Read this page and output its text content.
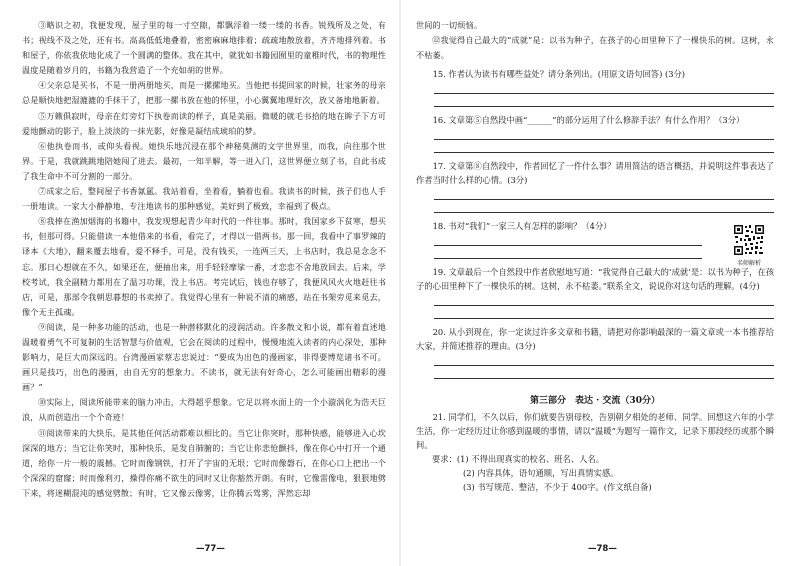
③略识之初，我便发现，屋子里的每一寸空隙，都飘浮着一缕一缕的书香。锐残所及之处，有书；视线不及之处，还有书。高高低低地叠着，密密麻麻地排着；疏疏地散放着，齐齐地排列着。书和屋子，你依我依地化成了一个圆满的整体。我在其中，就犹如书籍园囿里的童稚时代，书的物理性温度是随着岁月的，书籍为我营造了一个充如胡的世界。

④父亲总是买书，不是一册两册地买，而是一摞摞地买。当他把书提回家的时候，壮家务的母亲总是顺快地把湿漉漉的手抹干了，把那一摞书放在他的怀里，小心翼翼地理好次，放又备地地新着。

⑤万籁俱寂时，母亲在灯旁灯下执卷而读的样子，真是美丽。微暖的就毛书拾的地在眸子下方可爱地颤动的影子，脸上淡淡的一抹光影，好像是凝结成琥珀的梦。

⑥他执卷而书，或仰头看视。她快乐地沉浸在那个神秘莫测的文字世界里，而我，向往那个世界。于是，我就跳跳地陪她闯了进去。最初，一知半解，等一进入门，这世界便立刻了书，自此书成了我生命中不可分割的一部分。

⑦成家之后，整间屋子书香氤氲。我站着看，坐着看，躺着也看。我读书的时候，孩子们也人手一册地读。一家大小静静地、专注地读书的那种感觉，美好到了极致，幸福到了极点。

⑧我捧在渔加烟海的书籍中，我发现想起青少年时代的一件往事。那时，我国家乡下贫寒，想买书，但那可得。只能借读一本他借来的书看，看完了，才得以一借两书。那一回，我看中了事罗辣的译本《大地》，翻来覆去地看，爱不释手，可是，没有钱买，一连两三天，上书店时，我总是念念不忘。那日心想就在不久，如果还在，便抽出来，用手轻轻摩挲一番，才恋恋不舍地放回去。后来，学校考试，我全副精力都用在了温习功课，没上书店。考完试后，钱也存够了，我便风风火火地赶往书店，可是，那部令我朝思暮想的书卖掉了。我觉得心里有一种说不清的痛感，站在书架旁觅来觅去，像个无主孤魂。

⑨阅读，是一种多功能的活动，也是一种潜移默化的浸润活动。许多散文和小说，都有着直述地温暖着勇气不可复制的生活智慧与价值观，它会在阅读的过程中，慢慢地流入读者的内心深处，那种影响力，是巨大而深远的。台湾漫画家蔡志忠说过：“要成为出色的漫画家，非得要博览诸书不可。画只是技巧，出色的漫画，由自无穷的想象力。不读书，就无法有好奇心，怎么可能画出精彩的漫画？”

⑩实际上，阅读所能带来的脑力冲击，大得超乎想象。它足以将水面上的一个小漩涡化为浩天巨浪，从而创造出一个个奇迹！

⑪阅读带来的大快乐，是其他任何活动都难以相比的。当它让你突时，那种快感，能够进入心坎深深的地方；当它让你笑时，那种快乐，是发自肺腑的；当它让你悲怆颤抖，像在你心中打开一个通道，给你一片一般的震撼。它时而像钢铁，打开了宇宙的无垠；它时而像磐石，在你心口上把出一个个深深的窟窿；时而像利刃，操得你痛不欲生的同时又让你豁然开朗。有时，它像雷像电，狠狠地劈下来，将迷糊混沌的感觉劈散；有时，它又像云像雾，让你腾云驾雾，浑然忘却

—77—

世间的一切烦恼。

⑫我觉得自己最大的“成就”是：以书为种子，在孩子的心田里种下了一棵快乐的树。这树，永不枯萎。

15. 作者认为读书有哪些益处？请分条列出。(用原文语句回答) (3分)

16. 文章第⑤自然段中画“______”的部分运用了什么修辞手法？有什么作用？（3分）

17. 文章第⑧自然段中，作者回忆了一件什么事？请用简洁的语言概括，并说明这件事表达了作者当时什么样的心情。(3分)

18. 书对“我们”一家三人有怎样的影响？（4分）

19. 文章最后一个自然段中作者欣慰地写道：“我觉得自己最大的‘成就’是：以书为种子，在孩子的心田里种下了一棵快乐的树。这树，永不枯萎。”联系全文，说说你对这句话的理解。(4分)

20. 从小到现在，你一定读过许多文章和书籍，请把对你影响最深的一篇文章或一本书推荐给大家，并简述推荐的理由。(3分)

第三部分　表达 · 交流（30分）

21. 同学们，不久以后，你们就要告别母校，告别朝夕相处的老师、同学。回想这六年的小学生活，你一定经历过让你感到温暖的事情，请以“温暖”为题写一篇作文，记录下那段经历或那个瞬间。

要求：(1) 不得出现真实的校名、班名、人名。

(2) 内容具体，语句通顺，写出真情实感。

(3) 书写规范、整洁，不少于 400字。(作文纸自备)

名师解析
—78—
